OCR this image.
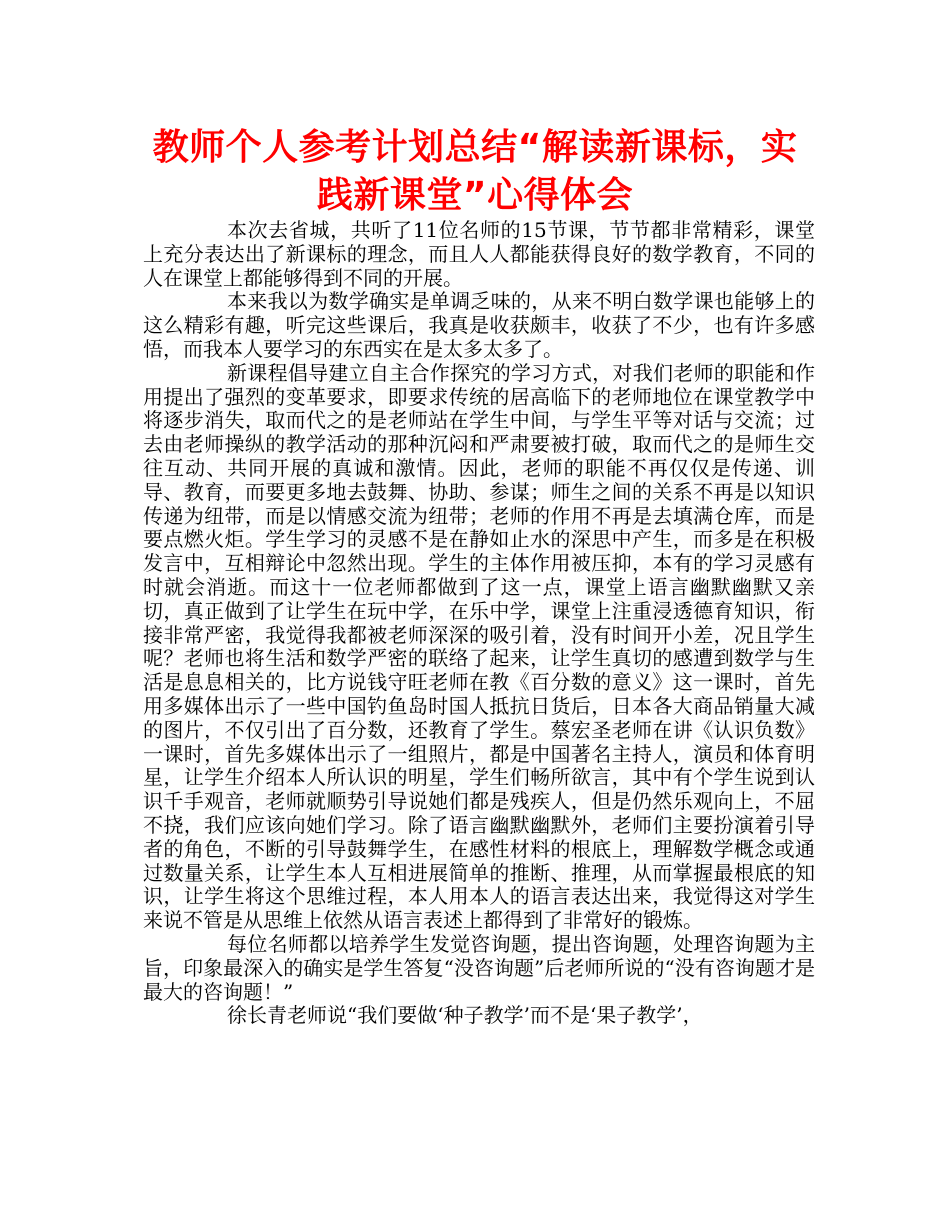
教师个人参考计划总结“解读新课标，实践新课堂”心得体会

本次去省城，共听了11位名师的15节课，节节都非常精彩，课堂上充分表达出了新课标的理念，而且人人都能获得良好的数学教育，不同的人在课堂上都能够得到不同的开展。

本来我以为数学确实是单调乏味的，从来不明白数学课也能够上的这么精彩有趣，听完这些课后，我真是收获颇丰，收获了不少，也有许多感悟，而我本人要学习的东西实在是太多太多了。

新课程倡导建立自主合作探究的学习方式，对我们老师的职能和作用提出了强烈的变革要求，即要求传统的居高临下的老师地位在课堂教学中将逐步消失，取而代之的是老师站在学生中间，与学生平等对话与交流；过去由老师操纵的教学活动的那种沉闷和严肃要被打破，取而代之的是师生交往互动、共同开展的真诚和激情。因此，老师的职能不再仅仅是传递、训导、教育，而要更多地去鼓舞、协助、参谋；师生之间的关系不再是以知识传递为纽带，而是以情感交流为纽带；老师的作用不再是去填满仓库，而是要点燃火炬。学生学习的灵感不是在静如止水的深思中产生，而多是在积极发言中，互相辩论中忽然出现。学生的主体作用被压抑，本有的学习灵感有时就会消逝。而这十一位老师都做到了这一点，课堂上语言幽默幽默又亲切，真正做到了让学生在玩中学，在乐中学，课堂上注重浸透德育知识，衔接非常严密，我觉得我都被老师深深的吸引着，没有时间开小差，况且学生呢？老师也将生活和数学严密的联络了起来，让学生真切的感遭到数学与生活是息息相关的，比方说钱守旺老师在教《百分数的意义》这一课时，首先用多媒体出示了一些中国钓鱼岛时国人抵抗日货后，日本各大商品销量大减的图片，不仅引出了百分数，还教育了学生。蔡宏圣老师在讲《认识负数》一课时，首先多媒体出示了一组照片，都是中国著名主持人，演员和体育明星，让学生介绍本人所认识的明星，学生们畅所欲言，其中有个学生说到认识千手观音，老师就顺势引导说她们都是残疾人，但是仍然乐观向上，不屈不挠，我们应该向她们学习。除了语言幽默幽默外，老师们主要扮演着引导者的角色，不断的引导鼓舞学生，在感性材料的根底上，理解数学概念或通过数量关系，让学生本人互相进展简单的推断、推理，从而掌握最根底的知识，让学生将这个思维过程，本人用本人的语言表达出来，我觉得这对学生来说不管是从思维上依然从语言表述上都得到了非常好的锻炼。

每位名师都以培养学生发觉咨询题，提出咨询题，处理咨询题为主旨，印象最深入的确实是学生答复“没咨询题”后老师所说的“没有咨询题才是最大的咨询题！”

徐长青老师说“我们要做‘种子教学’而不是‘果子教学’，
